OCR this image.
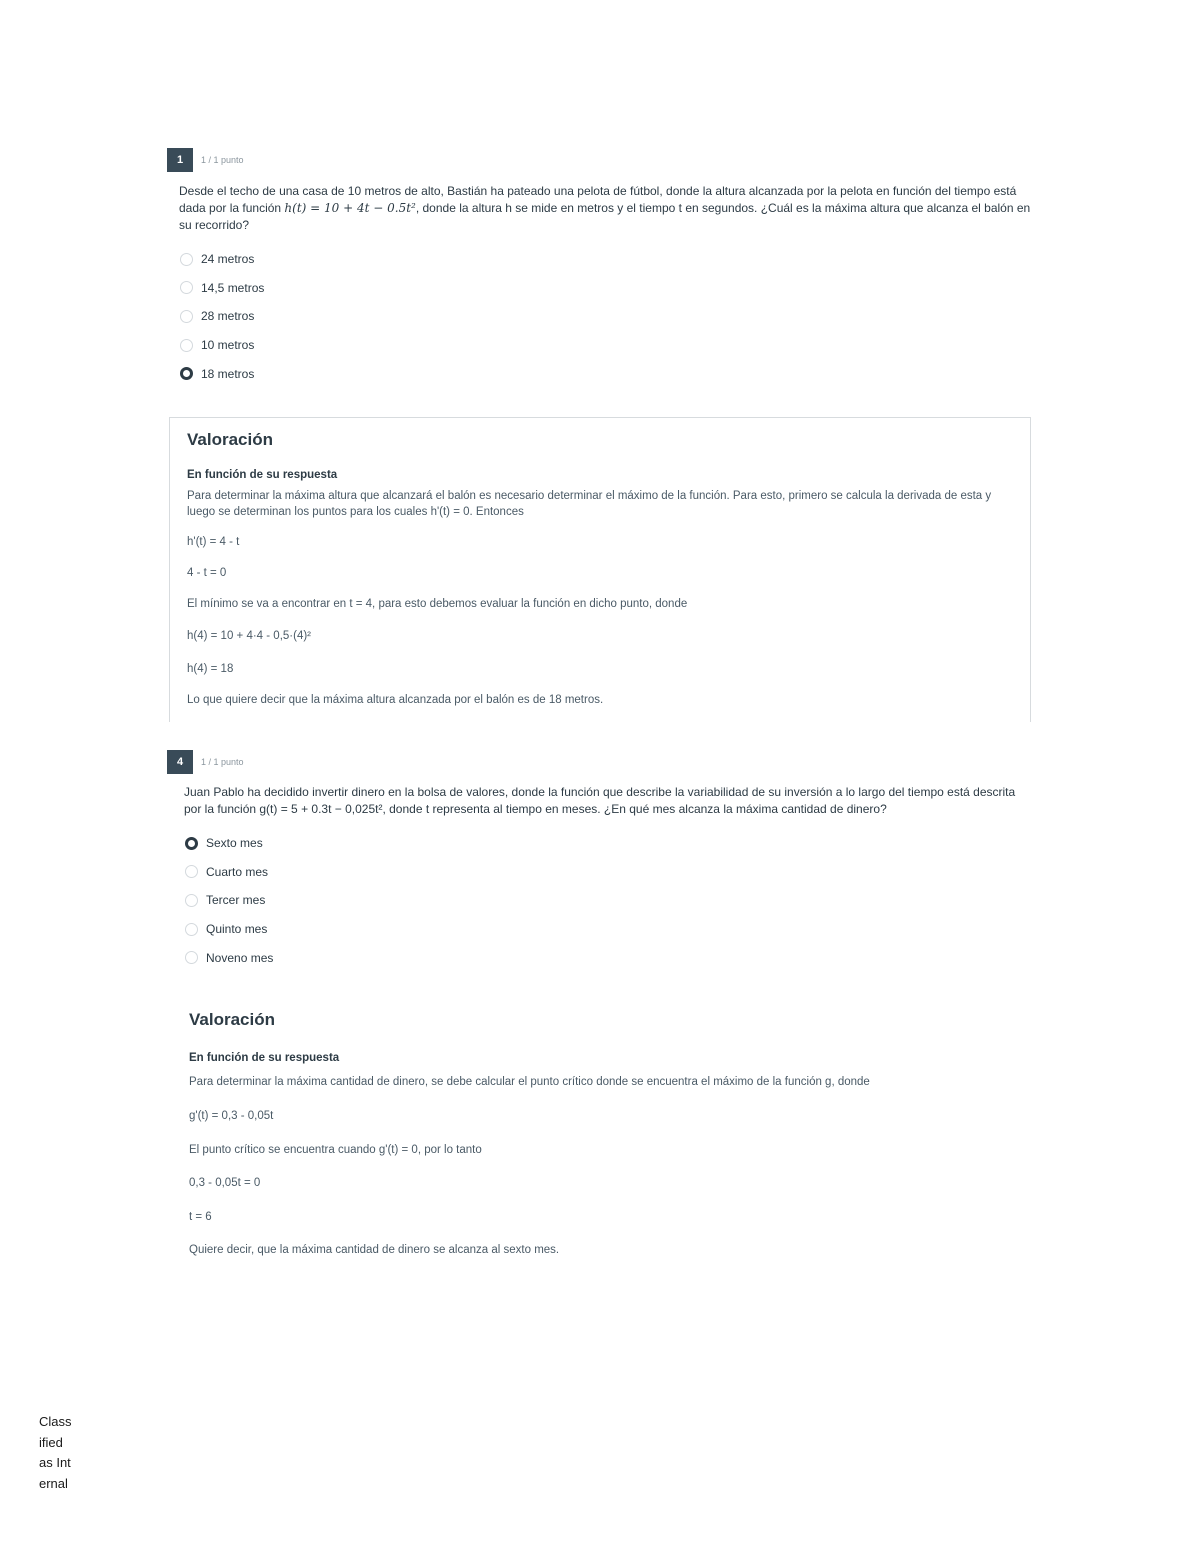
1	1 / 1 punto
Desde el techo de una casa de 10 metros de alto, Bastián ha pateado una pelota de fútbol, donde la altura alcanzada por la pelota en función del tiempo está dada por la función h(t) = 10 + 4t − 0.5t², donde la altura h se mide en metros y el tiempo t en segundos. ¿Cuál es la máxima altura que alcanza el balón en su recorrido?
24 metros
14,5 metros
28 metros
10 metros
18 metros
Valoración
En función de su respuesta
Para determinar la máxima altura que alcanzará el balón es necesario determinar el máximo de la función. Para esto, primero se calcula la derivada de esta y luego se determinan los puntos para los cuales h'(t) = 0. Entonces
h'(t) = 4 - t
4 - t = 0
El mínimo se va a encontrar en t = 4, para esto debemos evaluar la función en dicho punto, donde
h(4) = 10 + 4·4 - 0,5·(4)²
h(4) = 18
Lo que quiere decir que la máxima altura alcanzada por el balón es de 18 metros.
4	1 / 1 punto
Juan Pablo ha decidido invertir dinero en la bolsa de valores, donde la función que describe la variabilidad de su inversión a lo largo del tiempo está descrita por la función g(t) = 5 + 0.3t − 0,025t², donde t representa al tiempo en meses. ¿En qué mes alcanza la máxima cantidad de dinero?
Sexto mes
Cuarto mes
Tercer mes
Quinto mes
Noveno mes
Valoración
En función de su respuesta
Para determinar la máxima cantidad de dinero, se debe calcular el punto crítico donde se encuentra el máximo de la función g, donde
g'(t) = 0,3 - 0,05t
El punto crítico se encuentra cuando g'(t) = 0, por lo tanto
0,3 - 0,05t = 0
t = 6
Quiere decir, que la máxima cantidad de dinero se alcanza al sexto mes.
Classified as Internal
